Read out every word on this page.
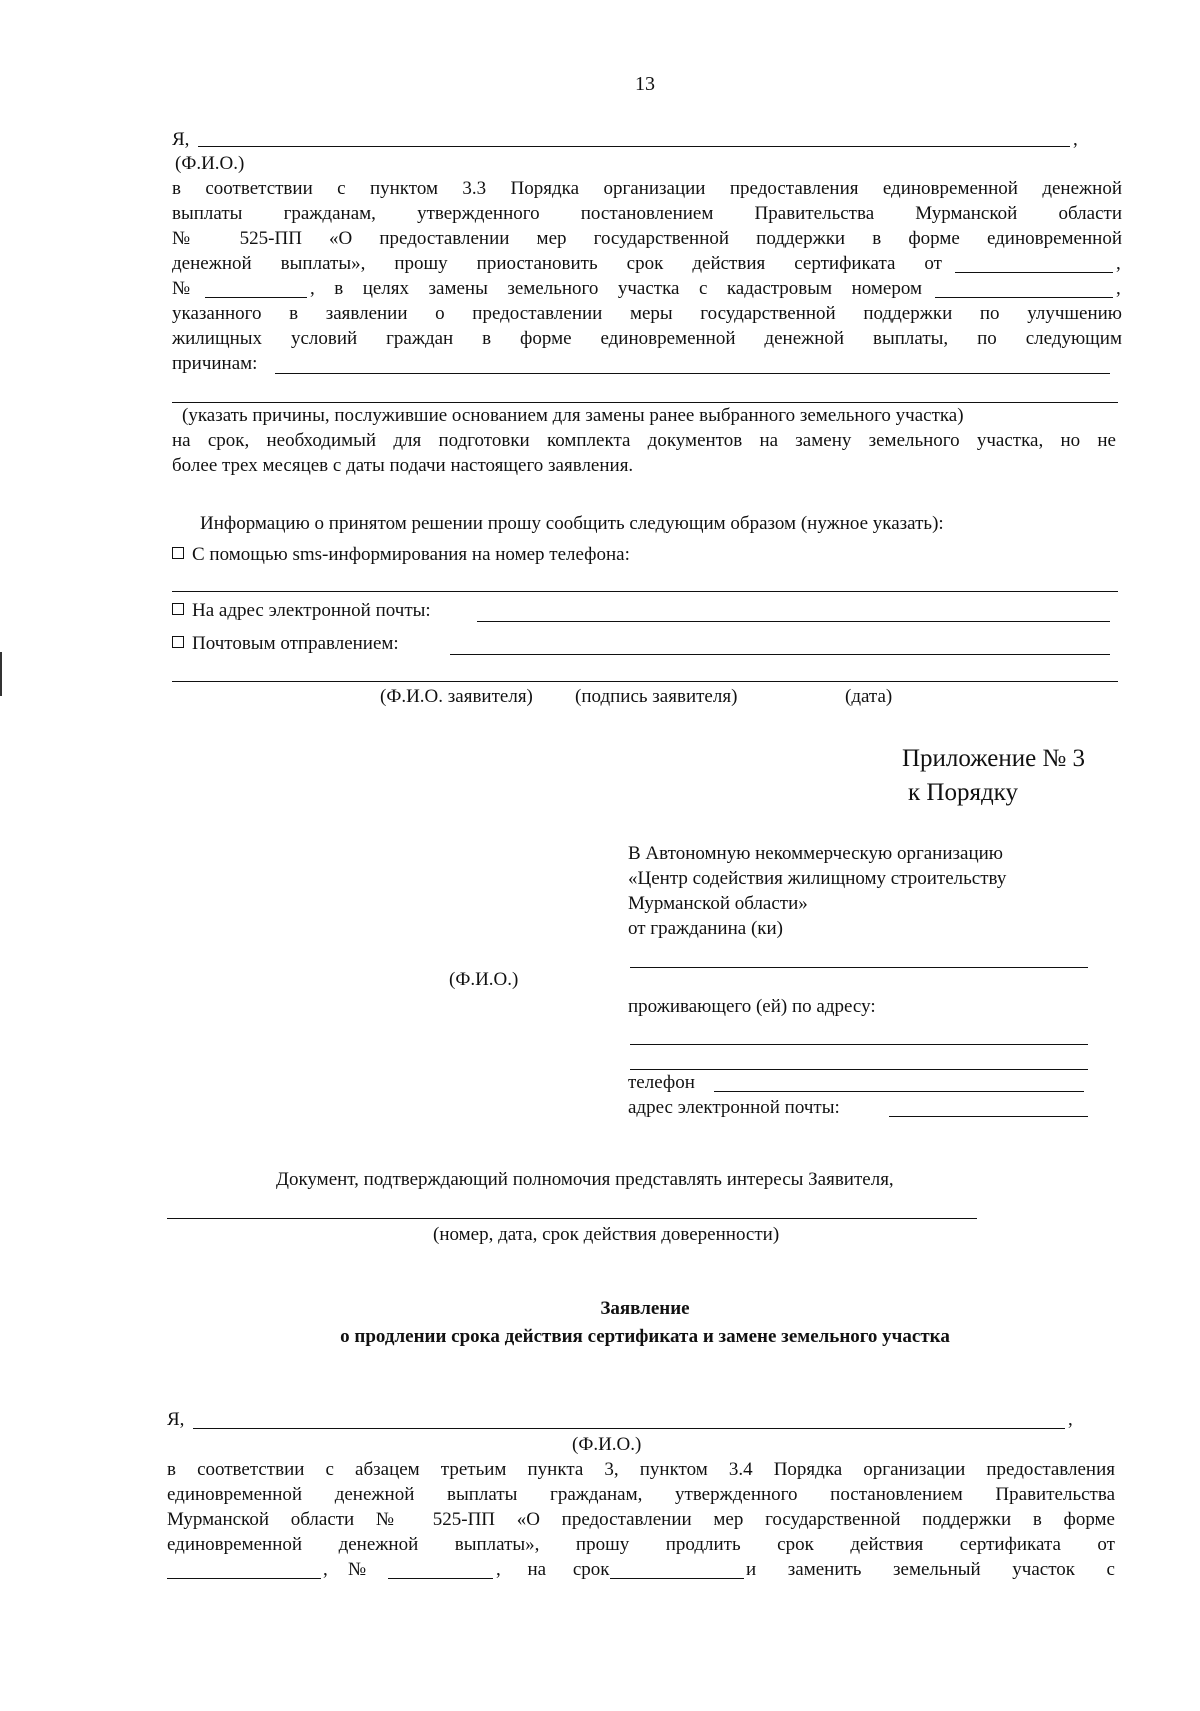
13
Я,	,
(Ф.И.О.)
в соответствии с пунктом 3.3 Порядка организации предоставления единовременной денежной
выплаты гражданам, утвержденного постановлением Правительства Мурманской области
№ 525-ПП «О предоставлении мер государственной поддержки в форме единовременной
денежной выплаты», прошу приостановить срок действия сертификата от	,
№	, в целях замены земельного участка с кадастровым номером	,
указанного в заявлении о предоставлении меры государственной поддержки по улучшению
жилищных условий граждан в форме единовременной денежной выплаты, по следующим
причинам:
(указать причины, послужившие основанием для замены ранее выбранного земельного участка)
на срок, необходимый для подготовки комплекта документов на замену земельного участка, но не
более трех месяцев с даты подачи настоящего заявления.
Информацию о принятом решении прошу сообщить следующим образом (нужное указать):
С помощью sms-информирования на номер телефона:
На адрес электронной почты:
Почтовым отправлением:
(Ф.И.О. заявителя) (подпись заявителя)	(дата)
Приложение № 3
к Порядку
В Автономную некоммерческую организацию
«Центр содействия жилищному строительству
Мурманской области»
от гражданина (ки)
(Ф.И.О.)
проживающего (ей) по адресу:
телефон
адрес электронной почты:
Документ, подтверждающий полномочия представлять интересы Заявителя,
(номер, дата, срок действия доверенности)
Заявление
о продлении срока действия сертификата и замене земельного участка
Я,	,
(Ф.И.О.)
в соответствии с абзацем третьим пункта 3, пунктом 3.4 Порядка организации предоставления
единовременной денежной выплаты гражданам, утвержденного постановлением Правительства
Мурманской области № 525-ПП «О предоставлении мер государственной поддержки в форме
единовременной денежной выплаты», прошу продлить срок действия сертификата от
, №	, на срок	и заменить земельный участок с
